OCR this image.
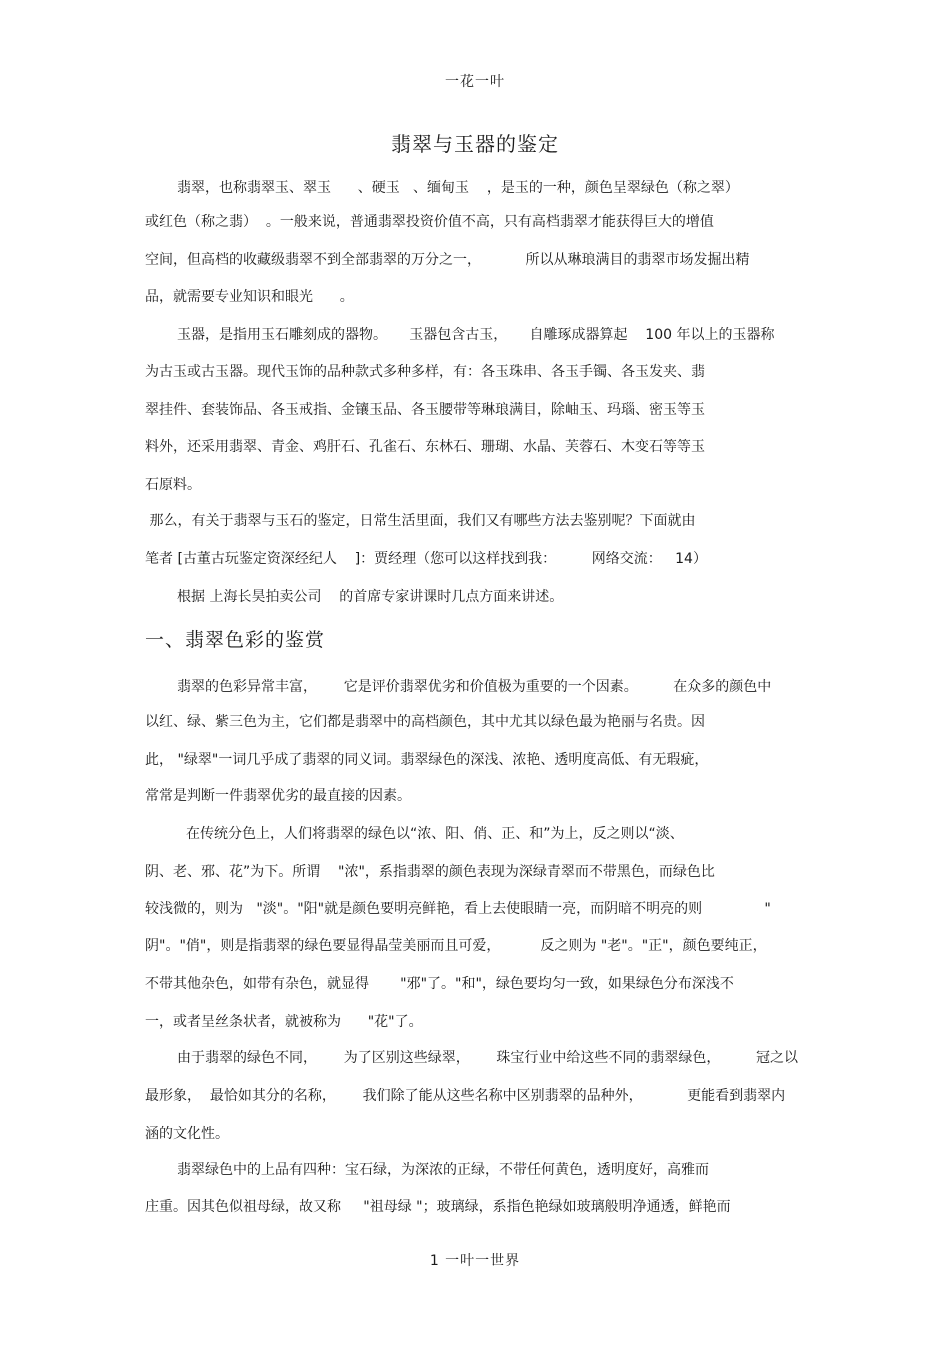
一花一叶
翡翠与玉器的鉴定
翡翠，也称翡翠玉、翠玉      、硬玉   、缅甸玉    ，是玉的一种，颜色呈翠绿色（称之翠）
或红色（称之翡）  。一般来说，普通翡翠投资价值不高，只有高档翡翠才能获得巨大的增值
空间，但高档的收藏级翡翠不到全部翡翠的万分之一，          所以从琳琅满目的翡翠市场发掘出精
品，就需要专业知识和眼光      。
玉器，是指用玉石雕刻成的器物。     玉器包含古玉，     自雕琢成器算起    100 年以上的玉器称
为古玉或古玉器。现代玉饰的品种款式多种多样，有：各玉珠串、各玉手镯、各玉发夹、翡
翠挂件、套装饰品、各玉戒指、金镶玉品、各玉腰带等琳琅满目，除岫玉、玛瑙、密玉等玉
料外，还采用翡翠、青金、鸡肝石、孔雀石、东林石、珊瑚、水晶、芙蓉石、木变石等等玉
石原料。
那么，有关于翡翠与玉石的鉴定，日常生活里面，我们又有哪些方法去鉴别呢？下面就由
笔者 [古董古玩鉴定资深经纪人    ]：贾经理（您可以这样找到我：        网络交流：   14）
根据 上海长昊拍卖公司    的首席专家讲课时几点方面来讲述。
一、翡翠色彩的鉴赏
翡翠的色彩异常丰富，      它是评价翡翠优劣和价值极为重要的一个因素。        在众多的颜色中
以红、绿、紫三色为主，它们都是翡翠中的高档颜色，其中尤其以绿色最为艳丽与名贵。因
此， "绿翠"一词几乎成了翡翠的同义词。翡翠绿色的深浅、浓艳、透明度高低、有无瑕疵，
常常是判断一件翡翠优劣的最直接的因素。
在传统分色上，人们将翡翠的绿色以“浓、阳、俏、正、和”为上，反之则以“淡、
阴、老、邪、花”为下。所谓    "浓"，系指翡翠的颜色表现为深绿青翠而不带黑色，而绿色比
较浅微的，则为   "淡"。"阳"就是颜色要明亮鲜艳，看上去使眼睛一亮，而阴暗不明亮的则              "
阴"。"俏"，则是指翡翠的绿色要显得晶莹美丽而且可爱，         反之则为 "老"。"正"，颜色要纯正，
不带其他杂色，如带有杂色，就显得       "邪"了。"和"，绿色要均匀一致，如果绿色分布深浅不
一，或者呈丝条状者，就被称为      "花"了。
由于翡翠的绿色不同，      为了区别这些绿翠，      珠宝行业中给这些不同的翡翠绿色，        冠之以
最形象，  最恰如其分的名称，      我们除了能从这些名称中区别翡翠的品种外，          更能看到翡翠内
涵的文化性。
翡翠绿色中的上品有四种：宝石绿，为深浓的正绿，不带任何黄色，透明度好，高雅而
庄重。因其色似祖母绿，故又称     "祖母绿 "；玻璃绿，系指色艳绿如玻璃般明净通透，鲜艳而
1 一叶一世界
